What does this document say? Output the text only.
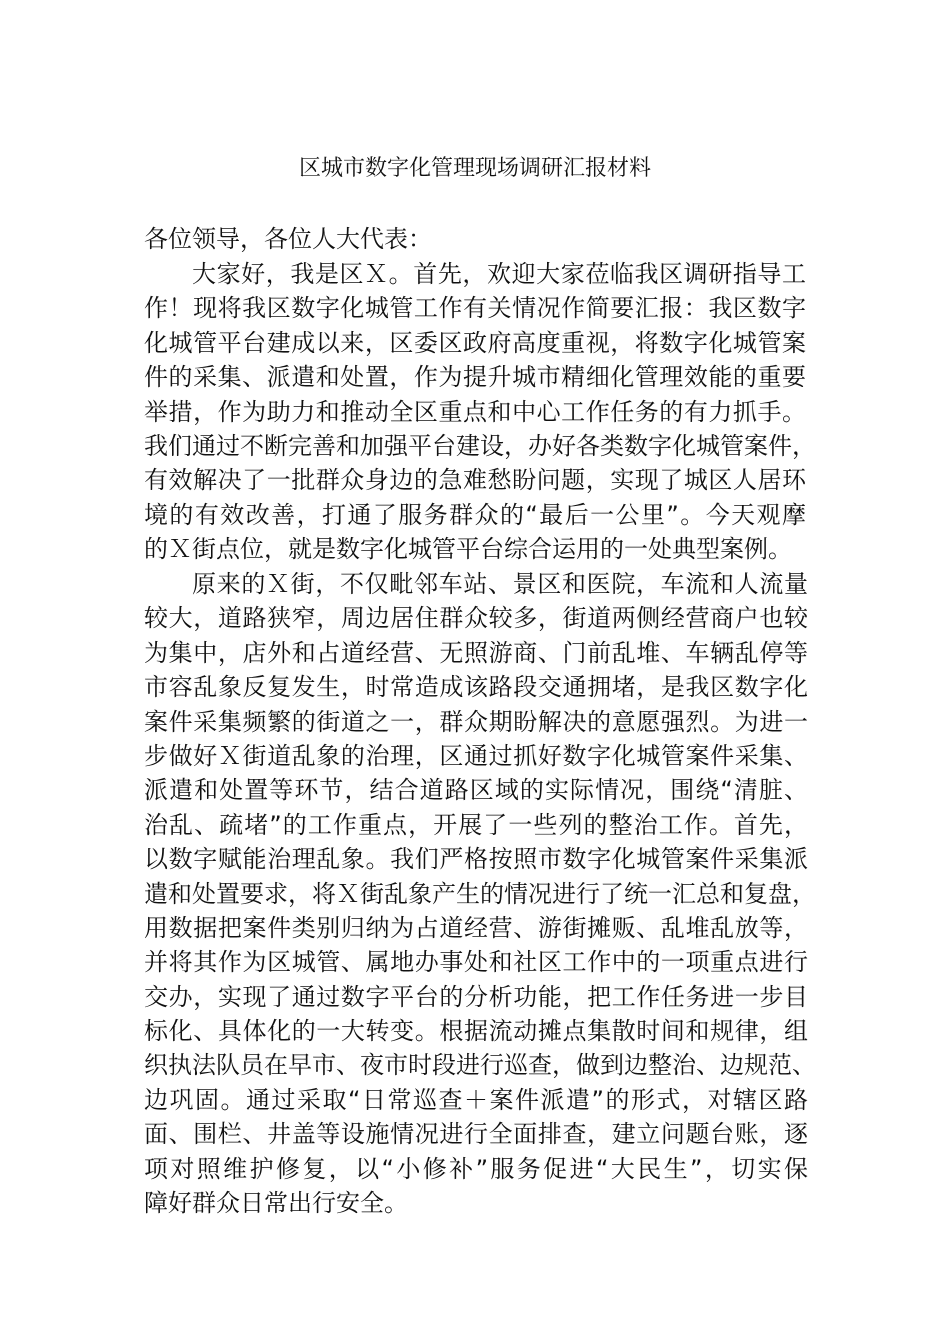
区城市数字化管理现场调研汇报材料
各位领导，各位人大代表：
大家好，我是区Ｘ。首先，欢迎大家莅临我区调研指导工
作！现将我区数字化城管工作有关情况作简要汇报：我区数字
化城管平台建成以来，区委区政府高度重视，将数字化城管案
件的采集、派遣和处置，作为提升城市精细化管理效能的重要
举措，作为助力和推动全区重点和中心工作任务的有力抓手。
我们通过不断完善和加强平台建设，办好各类数字化城管案件，
有效解决了一批群众身边的急难愁盼问题，实现了城区人居环
境的有效改善，打通了服务群众的“最后一公里”。今天观摩
的Ｘ街点位，就是数字化城管平台综合运用的一处典型案例。
原来的Ｘ街，不仅毗邻车站、景区和医院，车流和人流量
较大，道路狭窄，周边居住群众较多，街道两侧经营商户也较
为集中，店外和占道经营、无照游商、门前乱堆、车辆乱停等
市容乱象反复发生，时常造成该路段交通拥堵，是我区数字化
案件采集频繁的街道之一，群众期盼解决的意愿强烈。为进一
步做好Ｘ街道乱象的治理，区通过抓好数字化城管案件采集、
派遣和处置等环节，结合道路区域的实际情况，围绕“清脏、
治乱、疏堵”的工作重点，开展了一些列的整治工作。首先，
以数字赋能治理乱象。我们严格按照市数字化城管案件采集派
遣和处置要求，将Ｘ街乱象产生的情况进行了统一汇总和复盘，
用数据把案件类别归纳为占道经营、游街摊贩、乱堆乱放等，
并将其作为区城管、属地办事处和社区工作中的一项重点进行
交办，实现了通过数字平台的分析功能，把工作任务进一步目
标化、具体化的一大转变。根据流动摊点集散时间和规律，组
织执法队员在早市、夜市时段进行巡查，做到边整治、边规范、
边巩固。通过采取“日常巡查＋案件派遣”的形式，对辖区路
面、围栏、井盖等设施情况进行全面排查，建立问题台账，逐
项对照维护修复，以“小修补”服务促进“大民生”，切实保
障好群众日常出行安全。
